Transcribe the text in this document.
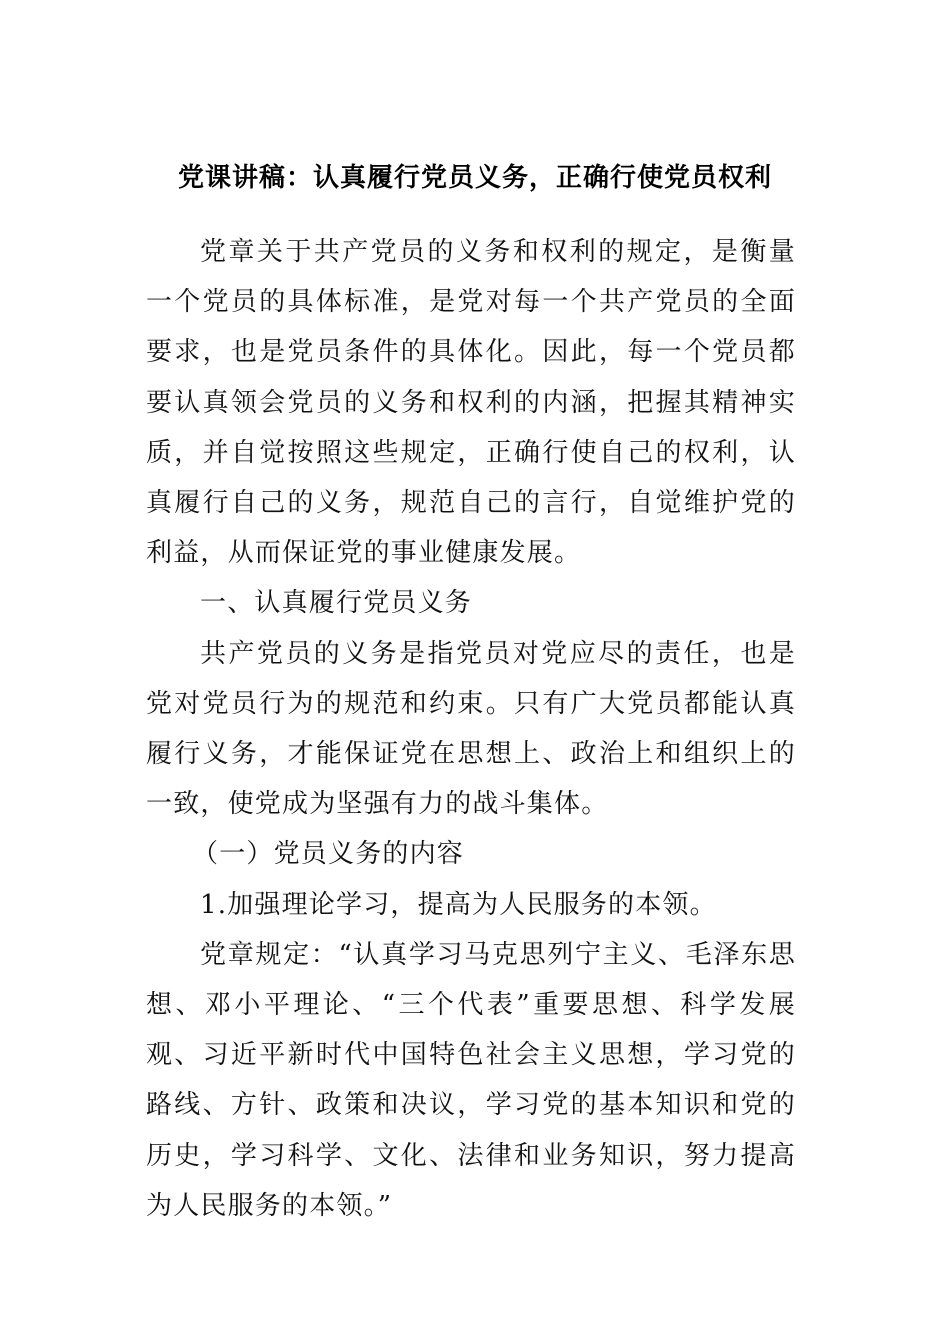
党课讲稿：认真履行党员义务，正确行使党员权利

党章关于共产党员的义务和权利的规定，是衡量一个党员的具体标准，是党对每一个共产党员的全面要求，也是党员条件的具体化。因此，每一个党员都要认真领会党员的义务和权利的内涵，把握其精神实质，并自觉按照这些规定，正确行使自己的权利，认真履行自己的义务，规范自己的言行，自觉维护党的利益，从而保证党的事业健康发展。

一、认真履行党员义务

共产党员的义务是指党员对党应尽的责任，也是党对党员行为的规范和约束。只有广大党员都能认真履行义务，才能保证党在思想上、政治上和组织上的一致，使党成为坚强有力的战斗集体。

（一）党员义务的内容

1.加强理论学习，提高为人民服务的本领。

党章规定：“认真学习马克思列宁主义、毛泽东思想、邓小平理论、“三个代表”重要思想、科学发展观、习近平新时代中国特色社会主义思想，学习党的路线、方针、政策和决议，学习党的基本知识和党的历史，学习科学、文化、法律和业务知识，努力提高为人民服务的本领。”
